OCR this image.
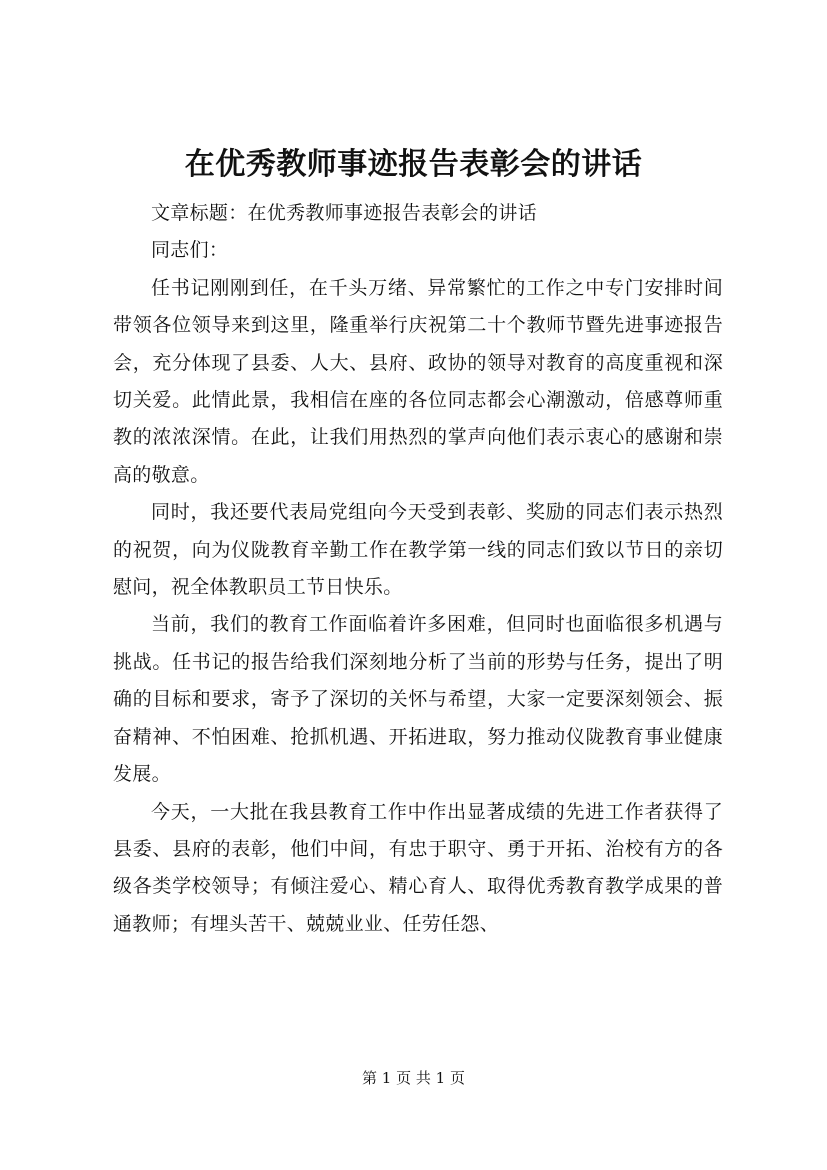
在优秀教师事迹报告表彰会的讲话

文章标题：在优秀教师事迹报告表彰会的讲话

同志们：

任书记刚刚到任，在千头万绪、异常繁忙的工作之中专门安排时间带领各位领导来到这里，隆重举行庆祝第二十个教师节暨先进事迹报告会，充分体现了县委、人大、县府、政协的领导对教育的高度重视和深切关爱。此情此景，我相信在座的各位同志都会心潮激动，倍感尊师重教的浓浓深情。在此，让我们用热烈的掌声向他们表示衷心的感谢和崇高的敬意。

同时，我还要代表局党组向今天受到表彰、奖励的同志们表示热烈的祝贺，向为仪陇教育辛勤工作在教学第一线的同志们致以节日的亲切慰问，祝全体教职员工节日快乐。

当前，我们的教育工作面临着许多困难，但同时也面临很多机遇与挑战。任书记的报告给我们深刻地分析了当前的形势与任务，提出了明确的目标和要求，寄予了深切的关怀与希望，大家一定要深刻领会、振奋精神、不怕困难、抢抓机遇、开拓进取，努力推动仪陇教育事业健康发展。

今天，一大批在我县教育工作中作出显著成绩的先进工作者获得了县委、县府的表彰，他们中间，有忠于职守、勇于开拓、治校有方的各级各类学校领导；有倾注爱心、精心育人、取得优秀教育教学成果的普通教师；有埋头苦干、兢兢业业、任劳任怨、

第 1 页 共 1 页
